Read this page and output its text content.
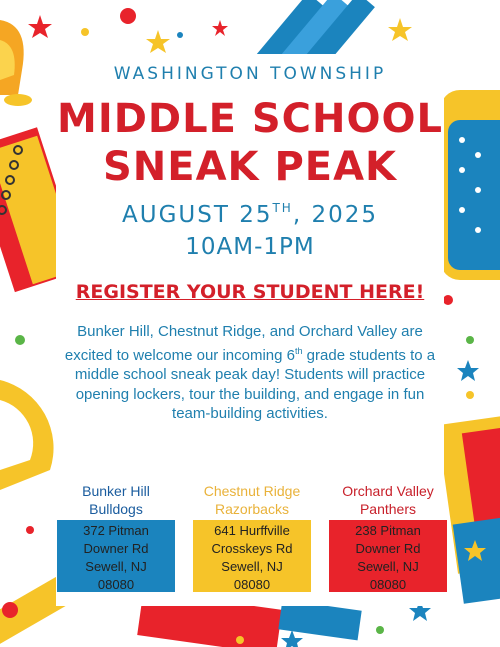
WASHINGTON TOWNSHIP
MIDDLE SCHOOL
SNEAK PEAK
AUGUST 25TH, 2025
10AM-1PM
REGISTER YOUR STUDENT HERE!
Bunker Hill, Chestnut Ridge, and Orchard Valley are excited to welcome our incoming 6th grade students to a middle school sneak peak day! Students will practice opening lockers, tour the building, and engage in fun team-building activities.
Bunker Hill
Bulldogs
372 Pitman
Downer Rd
Sewell, NJ
08080
Chestnut Ridge
Razorbacks
641 Hurffville
Crosskeys Rd
Sewell, NJ
08080
Orchard Valley
Panthers
238 Pitman
Downer Rd
Sewell, NJ
08080
